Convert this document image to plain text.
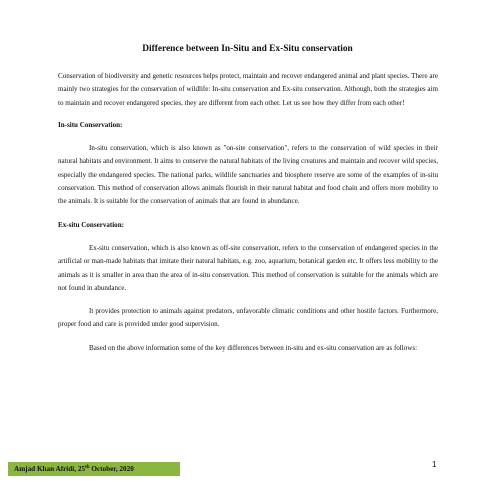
Difference between In-Situ and Ex-Situ conservation

Conservation of biodiversity and genetic resources helps protect, maintain and recover endangered animal and plant species. There are mainly two strategies for the conservation of wildlife: In-situ conservation and Ex-situ conservation. Although, both the strategies aim to maintain and recover endangered species, they are different from each other. Let us see how they differ from each other!

In-situ Conservation:

In-situ conservation, which is also known as "on-site conservation", refers to the conservation of wild species in their natural habitats and environment. It aims to conserve the natural habitats of the living creatures and maintain and recover wild species, especially the endangered species. The national parks, wildlife sanctuaries and biosphere reserve are some of the examples of in-situ conservation. This method of conservation allows animals flourish in their natural habitat and food chain and offers more mobility to the animals. It is suitable for the conservation of animals that are found in abundance.

Ex-situ Conservation:

Ex-situ conservation, which is also known as off-site conservation, refers to the conservation of endangered species in the artificial or man-made habitats that imitate their natural habitats, e.g. zoo, aquarium, botanical garden etc. It offers less mobility to the animals as it is smaller in area than the area of in-situ conservation. This method of conservation is suitable for the animals which are not found in abundance.

It provides protection to animals against predators, unfavorable climatic conditions and other hostile factors. Furthermore, proper food and care is provided under good supervision.

Based on the above information some of the key differences between in-situ and ex-situ conservation are as follows:

Amjad Khan Afridi, 25th October, 2020	1
